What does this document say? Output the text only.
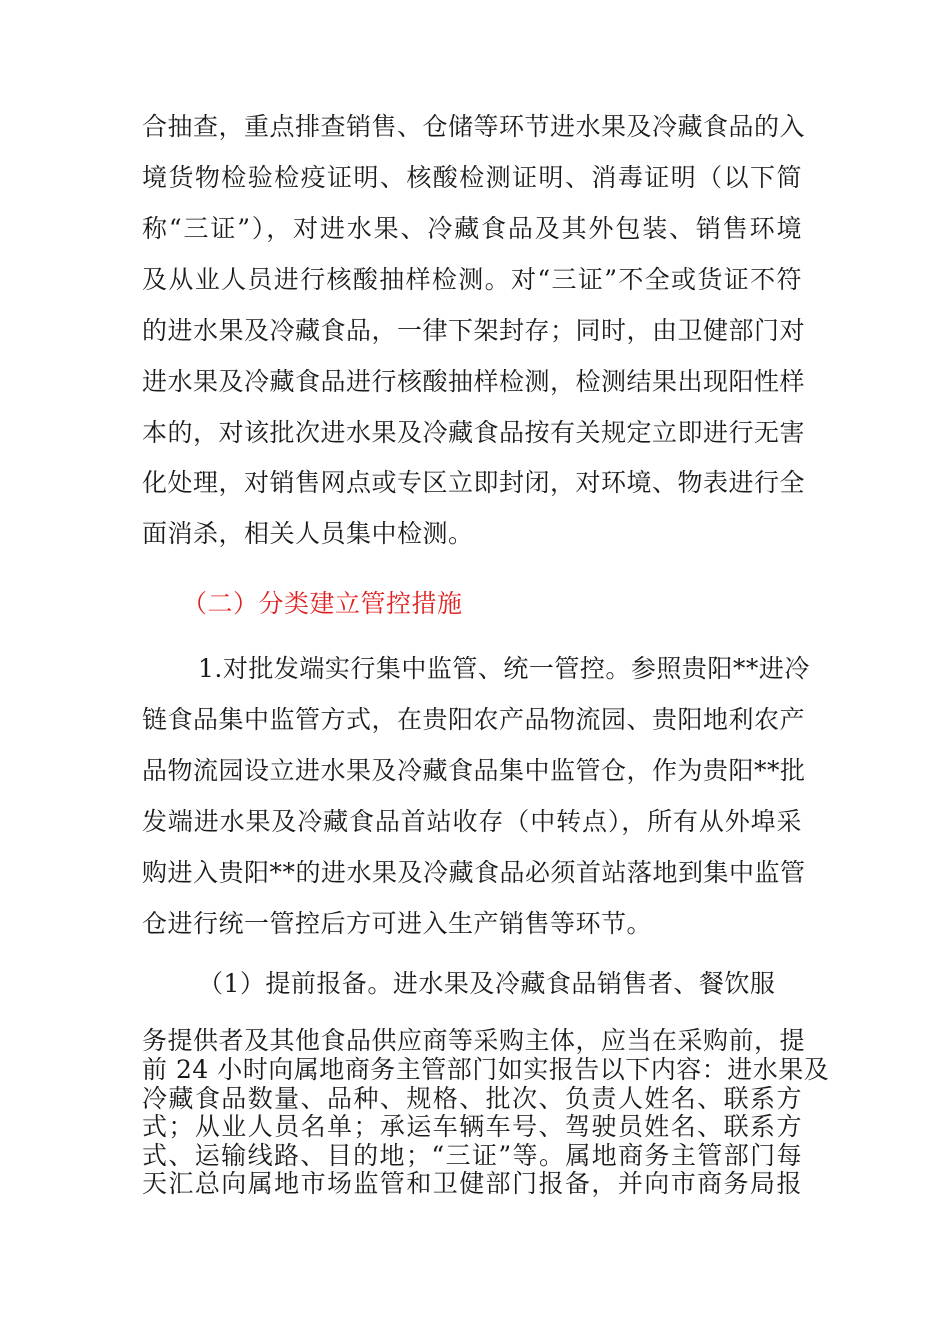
合抽查，重点排查销售、仓储等环节进水果及冷藏食品的入
境货物检验检疫证明、核酸检测证明、消毒证明（以下简
称“三证”），对进水果、冷藏食品及其外包装、销售环境
及从业人员进行核酸抽样检测。对“三证”不全或货证不符
的进水果及冷藏食品，一律下架封存；同时，由卫健部门对
进水果及冷藏食品进行核酸抽样检测，检测结果出现阳性样
本的，对该批次进水果及冷藏食品按有关规定立即进行无害
化处理，对销售网点或专区立即封闭，对环境、物表进行全
面消杀，相关人员集中检测。
（二）分类建立管控措施
1.对批发端实行集中监管、统一管控。参照贵阳**进冷
链食品集中监管方式，在贵阳农产品物流园、贵阳地利农产
品物流园设立进水果及冷藏食品集中监管仓，作为贵阳**批
发端进水果及冷藏食品首站收存（中转点），所有从外埠采
购进入贵阳**的进水果及冷藏食品必须首站落地到集中监管
仓进行统一管控后方可进入生产销售等环节。
（1）提前报备。进水果及冷藏食品销售者、餐饮服
务提供者及其他食品供应商等采购主体，应当在采购前，提
前 24 小时向属地商务主管部门如实报告以下内容：进水果及
冷藏食品数量、品种、规格、批次、负责人姓名、联系方
式；从业人员名单；承运车辆车号、驾驶员姓名、联系方
式、运输线路、目的地；“三证”等。属地商务主管部门每
天汇总向属地市场监管和卫健部门报备，并向市商务局报
